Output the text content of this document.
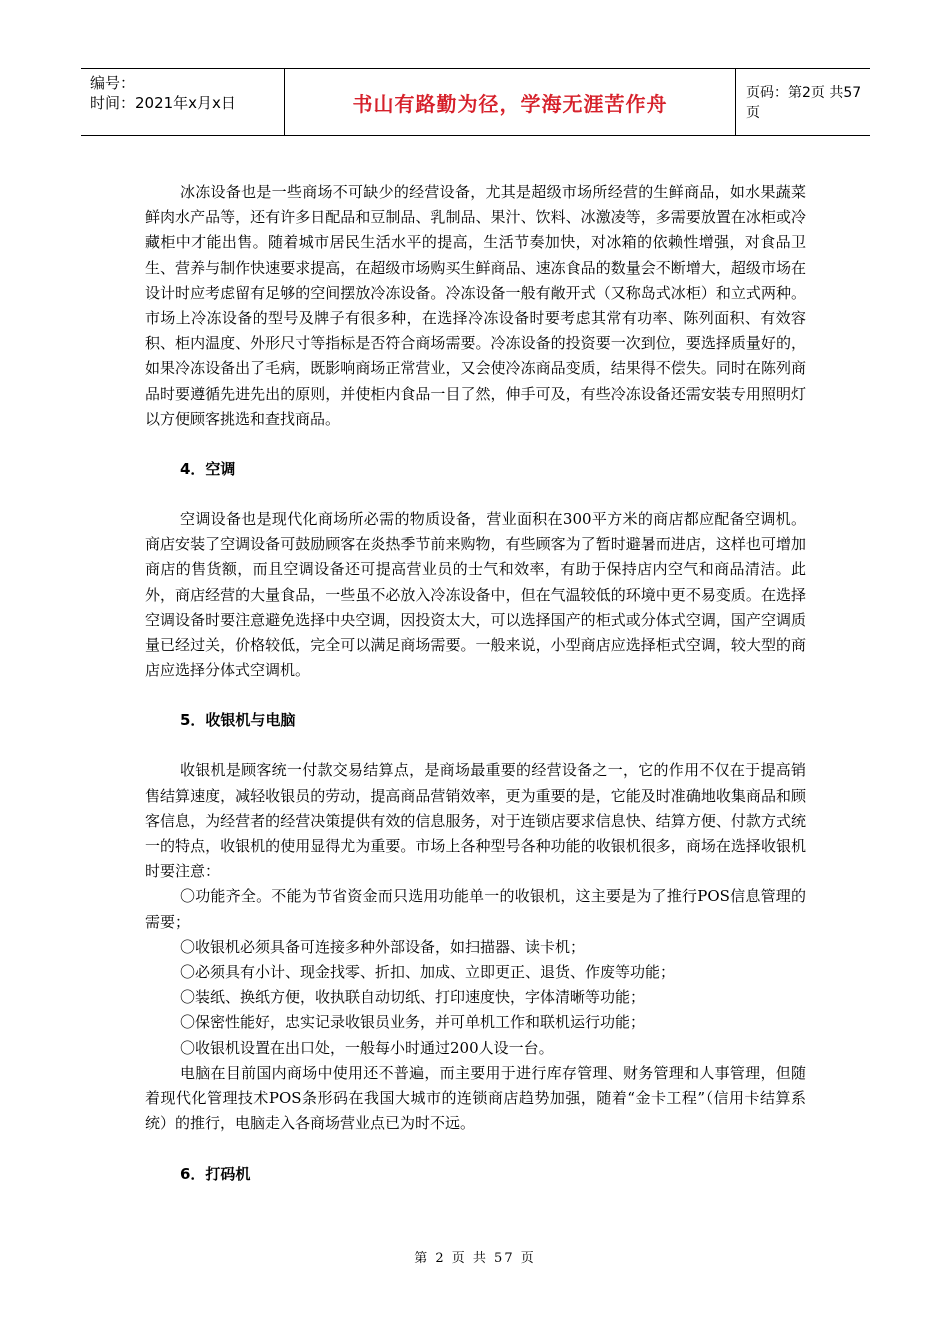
编号：
时间：2021年x月x日	书山有路勤为径，学海无涯苦作舟	页码：第2页 共57页

冰冻设备也是一些商场不可缺少的经营设备，尤其是超级市场所经营的生鲜商品，如水果蔬菜鲜肉水产品等，还有许多日配品和豆制品、乳制品、果汁、饮料、冰激凌等，多需要放置在冰柜或冷藏柜中才能出售。随着城市居民生活水平的提高，生活节奏加快，对冰箱的依赖性增强，对食品卫生、营养与制作快速要求提高，在超级市场购买生鲜商品、速冻食品的数量会不断增大，超级市场在设计时应考虑留有足够的空间摆放冷冻设备。冷冻设备一般有敞开式（又称岛式冰柜）和立式两种。市场上冷冻设备的型号及牌子有很多种，在选择冷冻设备时要考虑其常有功率、陈列面积、有效容积、柜内温度、外形尺寸等指标是否符合商场需要。冷冻设备的投资要一次到位，要选择质量好的，如果冷冻设备出了毛病，既影响商场正常营业，又会使冷冻商品变质，结果得不偿失。同时在陈列商品时要遵循先进先出的原则，并使柜内食品一目了然，伸手可及，有些冷冻设备还需安装专用照明灯以方便顾客挑选和查找商品。

4．空调

空调设备也是现代化商场所必需的物质设备，营业面积在300平方米的商店都应配备空调机。商店安装了空调设备可鼓励顾客在炎热季节前来购物，有些顾客为了暂时避暑而进店，这样也可增加商店的售货额，而且空调设备还可提高营业员的士气和效率，有助于保持店内空气和商品清洁。此外，商店经营的大量食品，一些虽不必放入冷冻设备中，但在气温较低的环境中更不易变质。在选择空调设备时要注意避免选择中央空调，因投资太大，可以选择国产的柜式或分体式空调，国产空调质量已经过关，价格较低，完全可以满足商场需要。一般来说，小型商店应选择柜式空调，较大型的商店应选择分体式空调机。

5．收银机与电脑

收银机是顾客统一付款交易结算点，是商场最重要的经营设备之一，它的作用不仅在于提高销售结算速度，减轻收银员的劳动，提高商品营销效率，更为重要的是，它能及时准确地收集商品和顾客信息，为经营者的经营决策提供有效的信息服务，对于连锁店要求信息快、结算方便、付款方式统一的特点，收银机的使用显得尤为重要。市场上各种型号各种功能的收银机很多，商场在选择收银机时要注意：

〇功能齐全。不能为节省资金而只选用功能单一的收银机，这主要是为了推行POS信息管理的需要；

〇收银机必须具备可连接多种外部设备，如扫描器、读卡机；

〇必须具有小计、现金找零、折扣、加成、立即更正、退货、作废等功能；

〇装纸、换纸方便，收执联自动切纸、打印速度快，字体清晰等功能；

〇保密性能好，忠实记录收银员业务，并可单机工作和联机运行功能；

〇收银机设置在出口处，一般每小时通过200人设一台。

电脑在目前国内商场中使用还不普遍，而主要用于进行库存管理、财务管理和人事管理，但随着现代化管理技术POS条形码在我国大城市的连锁商店趋势加强，随着“金卡工程”（信用卡结算系统）的推行，电脑走入各商场营业点已为时不远。

6．打码机

第 2 页 共 57 页
